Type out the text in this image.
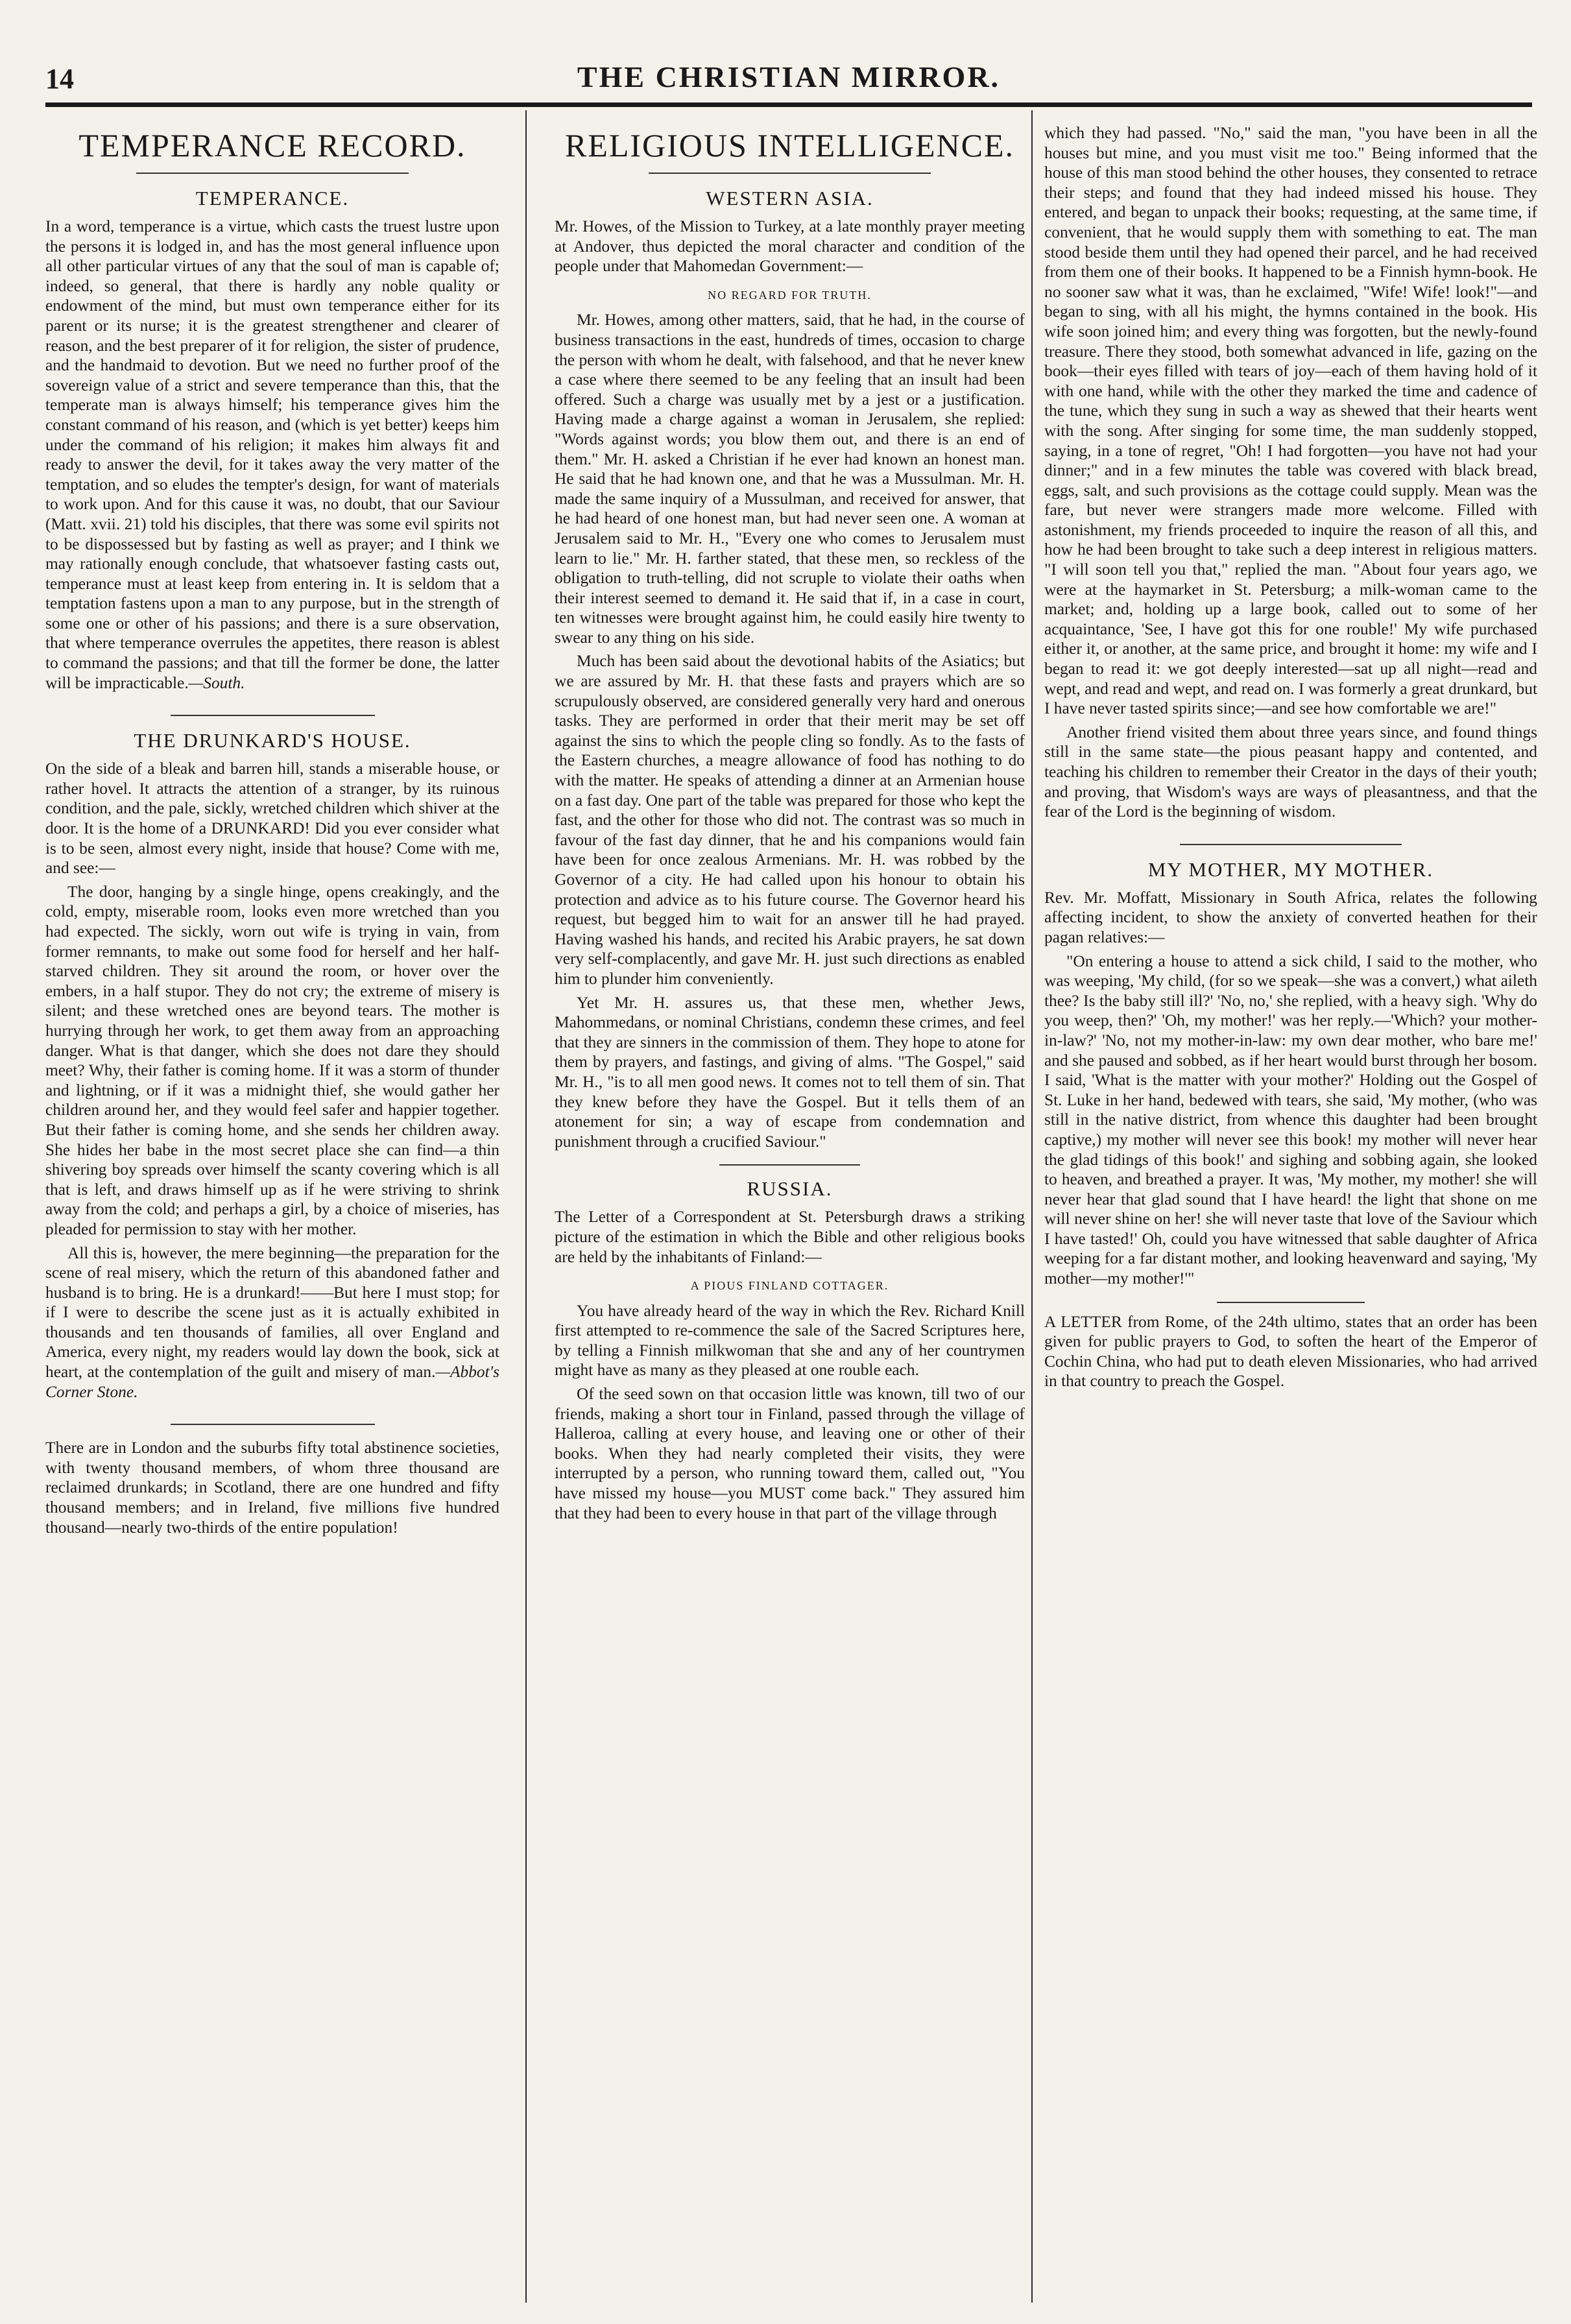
14	THE CHRISTIAN MIRROR.
TEMPERANCE RECORD.
TEMPERANCE.

In a word, temperance is a virtue, which casts the truest lustre upon the persons it is lodged in, and has the most general influence upon all other particular virtues of any that the soul of man is capable of; indeed, so general, that there is hardly any noble quality or endowment of the mind, but must own temperance either for its parent or its nurse; it is the greatest strengthener and clearer of reason, and the best preparer of it for religion, the sister of prudence, and the handmaid to devotion. But we need no further proof of the sovereign value of a strict and severe temperance than this, that the temperate man is always himself; his temperance gives him the constant command of his reason, and (which is yet better) keeps him under the command of his religion; it makes him always fit and ready to answer the devil, for it takes away the very matter of the temptation, and so eludes the tempter's design, for want of materials to work upon. And for this cause it was, no doubt, that our Saviour (Matt. xvii. 21) told his disciples, that there was some evil spirits not to be dispossessed but by fasting as well as prayer; and I think we may rationally enough conclude, that whatsoever fasting casts out, temperance must at least keep from entering in. It is seldom that a temptation fastens upon a man to any purpose, but in the strength of some one or other of his passions; and there is a sure observation, that where temperance overrules the appetites, there reason is ablest to command the passions; and that till the former be done, the latter will be impracticable.—South.

THE DRUNKARD'S HOUSE.

On the side of a bleak and barren hill, stands a miserable house, or rather hovel. It attracts the attention of a stranger, by its ruinous condition, and the pale, sickly, wretched children which shiver at the door. It is the home of a DRUNKARD! Did you ever consider what is to be seen, almost every night, inside that house? Come with me, and see:—

The door, hanging by a single hinge, opens creakingly, and the cold, empty, miserable room, looks even more wretched than you had expected. The sickly, worn out wife is trying in vain, from former remnants, to make out some food for herself and her half-starved children. They sit around the room, or hover over the embers, in a half stupor. They do not cry; the extreme of misery is silent; and these wretched ones are beyond tears. The mother is hurrying through her work, to get them away from an approaching danger. What is that danger, which she does not dare they should meet? Why, their father is coming home. If it was a storm of thunder and lightning, or if it was a midnight thief, she would gather her children around her, and they would feel safer and happier together. But their father is coming home, and she sends her children away. She hides her babe in the most secret place she can find—a thin shivering boy spreads over himself the scanty covering which is all that is left, and draws himself up as if he were striving to shrink away from the cold; and perhaps a girl, by a choice of miseries, has pleaded for permission to stay with her mother.

All this is, however, the mere beginning—the preparation for the scene of real misery, which the return of this abandoned father and husband is to bring. He is a drunkard!——But here I must stop; for if I were to describe the scene just as it is actually exhibited in thousands and ten thousands of families, all over England and America, every night, my readers would lay down the book, sick at heart, at the contemplation of the guilt and misery of man.—Abbot's Corner Stone.

There are in London and the suburbs fifty total abstinence societies, with twenty thousand members, of whom three thousand are reclaimed drunkards; in Scotland, there are one hundred and fifty thousand members; and in Ireland, five millions five hundred thousand—nearly two-thirds of the entire population!

RELIGIOUS INTELLIGENCE.
WESTERN ASIA.

Mr. Howes, of the Mission to Turkey, at a late monthly prayer meeting at Andover, thus depicted the moral character and condition of the people under that Mahomedan Government:—

NO REGARD FOR TRUTH.

Mr. Howes, among other matters, said, that he had, in the course of business transactions in the east, hundreds of times, occasion to charge the person with whom he dealt, with falsehood, and that he never knew a case where there seemed to be any feeling that an insult had been offered. Such a charge was usually met by a jest or a justification. Having made a charge against a woman in Jerusalem, she replied: "Words against words; you blow them out, and there is an end of them." Mr. H. asked a Christian if he ever had known an honest man. He said that he had known one, and that he was a Mussulman. Mr. H. made the same inquiry of a Mussulman, and received for answer, that he had heard of one honest man, but had never seen one. A woman at Jerusalem said to Mr. H., "Every one who comes to Jerusalem must learn to lie." Mr. H. farther stated, that these men, so reckless of the obligation to truth-telling, did not scruple to violate their oaths when their interest seemed to demand it. He said that if, in a case in court, ten witnesses were brought against him, he could easily hire twenty to swear to any thing on his side.

Much has been said about the devotional habits of the Asiatics; but we are assured by Mr. H. that these fasts and prayers which are so scrupulously observed, are considered generally very hard and onerous tasks. They are performed in order that their merit may be set off against the sins to which the people cling so fondly. As to the fasts of the Eastern churches, a meagre allowance of food has nothing to do with the matter. He speaks of attending a dinner at an Armenian house on a fast day. One part of the table was prepared for those who kept the fast, and the other for those who did not. The contrast was so much in favour of the fast day dinner, that he and his companions would fain have been for once zealous Armenians. Mr. H. was robbed by the Governor of a city. He had called upon his honour to obtain his protection and advice as to his future course. The Governor heard his request, but begged him to wait for an answer till he had prayed. Having washed his hands, and recited his Arabic prayers, he sat down very self-complacently, and gave Mr. H. just such directions as enabled him to plunder him conveniently.

Yet Mr. H. assures us, that these men, whether Jews, Mahommedans, or nominal Christians, condemn these crimes, and feel that they are sinners in the commission of them. They hope to atone for them by prayers, and fastings, and giving of alms. "The Gospel," said Mr. H., "is to all men good news. It comes not to tell them of sin. That they knew before they have the Gospel. But it tells them of an atonement for sin; a way of escape from condemnation and punishment through a crucified Saviour."

RUSSIA.

The Letter of a Correspondent at St. Petersburgh draws a striking picture of the estimation in which the Bible and other religious books are held by the inhabitants of Finland:—

A PIOUS FINLAND COTTAGER.

You have already heard of the way in which the Rev. Richard Knill first attempted to re-commence the sale of the Sacred Scriptures here, by telling a Finnish milkwoman that she and any of her countrymen might have as many as they pleased at one rouble each.

Of the seed sown on that occasion little was known, till two of our friends, making a short tour in Finland, passed through the village of Halleroa, calling at every house, and leaving one or other of their books. When they had nearly completed their visits, they were interrupted by a person, who running toward them, called out, "You have missed my house—you MUST come back." They assured him that they had been to every house in that part of the village through

which they had passed. "No," said the man, "you have been in all the houses but mine, and you must visit me too." Being informed that the house of this man stood behind the other houses, they consented to retrace their steps; and found that they had indeed missed his house. They entered, and began to unpack their books; requesting, at the same time, if convenient, that he would supply them with something to eat. The man stood beside them until they had opened their parcel, and he had received from them one of their books. It happened to be a Finnish hymn-book. He no sooner saw what it was, than he exclaimed, "Wife! Wife! look!"—and began to sing, with all his might, the hymns contained in the book. His wife soon joined him; and every thing was forgotten, but the newly-found treasure. There they stood, both somewhat advanced in life, gazing on the book—their eyes filled with tears of joy—each of them having hold of it with one hand, while with the other they marked the time and cadence of the tune, which they sung in such a way as shewed that their hearts went with the song. After singing for some time, the man suddenly stopped, saying, in a tone of regret, "Oh! I had forgotten—you have not had your dinner;" and in a few minutes the table was covered with black bread, eggs, salt, and such provisions as the cottage could supply. Mean was the fare, but never were strangers made more welcome. Filled with astonishment, my friends proceeded to inquire the reason of all this, and how he had been brought to take such a deep interest in religious matters. "I will soon tell you that," replied the man. "About four years ago, we were at the haymarket in St. Petersburg; a milk-woman came to the market; and, holding up a large book, called out to some of her acquaintance, 'See, I have got this for one rouble!' My wife purchased either it, or another, at the same price, and brought it home: my wife and I began to read it: we got deeply interested—sat up all night—read and wept, and read and wept, and read on. I was formerly a great drunkard, but I have never tasted spirits since;—and see how comfortable we are!"

Another friend visited them about three years since, and found things still in the same state—the pious peasant happy and contented, and teaching his children to remember their Creator in the days of their youth; and proving, that Wisdom's ways are ways of pleasantness, and that the fear of the Lord is the beginning of wisdom.

MY MOTHER, MY MOTHER.

Rev. Mr. Moffatt, Missionary in South Africa, relates the following affecting incident, to show the anxiety of converted heathen for their pagan relatives:—

"On entering a house to attend a sick child, I said to the mother, who was weeping, 'My child, (for so we speak—she was a convert,) what aileth thee? Is the baby still ill?' 'No, no,' she replied, with a heavy sigh. 'Why do you weep, then?' 'Oh, my mother!' was her reply.—'Which? your mother-in-law?' 'No, not my mother-in-law: my own dear mother, who bare me!' and she paused and sobbed, as if her heart would burst through her bosom. I said, 'What is the matter with your mother?' Holding out the Gospel of St. Luke in her hand, bedewed with tears, she said, 'My mother, (who was still in the native district, from whence this daughter had been brought captive,) my mother will never see this book! my mother will never hear the glad tidings of this book!' and sighing and sobbing again, she looked to heaven, and breathed a prayer. It was, 'My mother, my mother! she will never hear that glad sound that I have heard! the light that shone on me will never shine on her! she will never taste that love of the Saviour which I have tasted!' Oh, could you have witnessed that sable daughter of Africa weeping for a far distant mother, and looking heavenward and saying, 'My mother—my mother!'"

A LETTER from Rome, of the 24th ultimo, states that an order has been given for public prayers to God, to soften the heart of the Emperor of Cochin China, who had put to death eleven Missionaries, who had arrived in that country to preach the Gospel.
